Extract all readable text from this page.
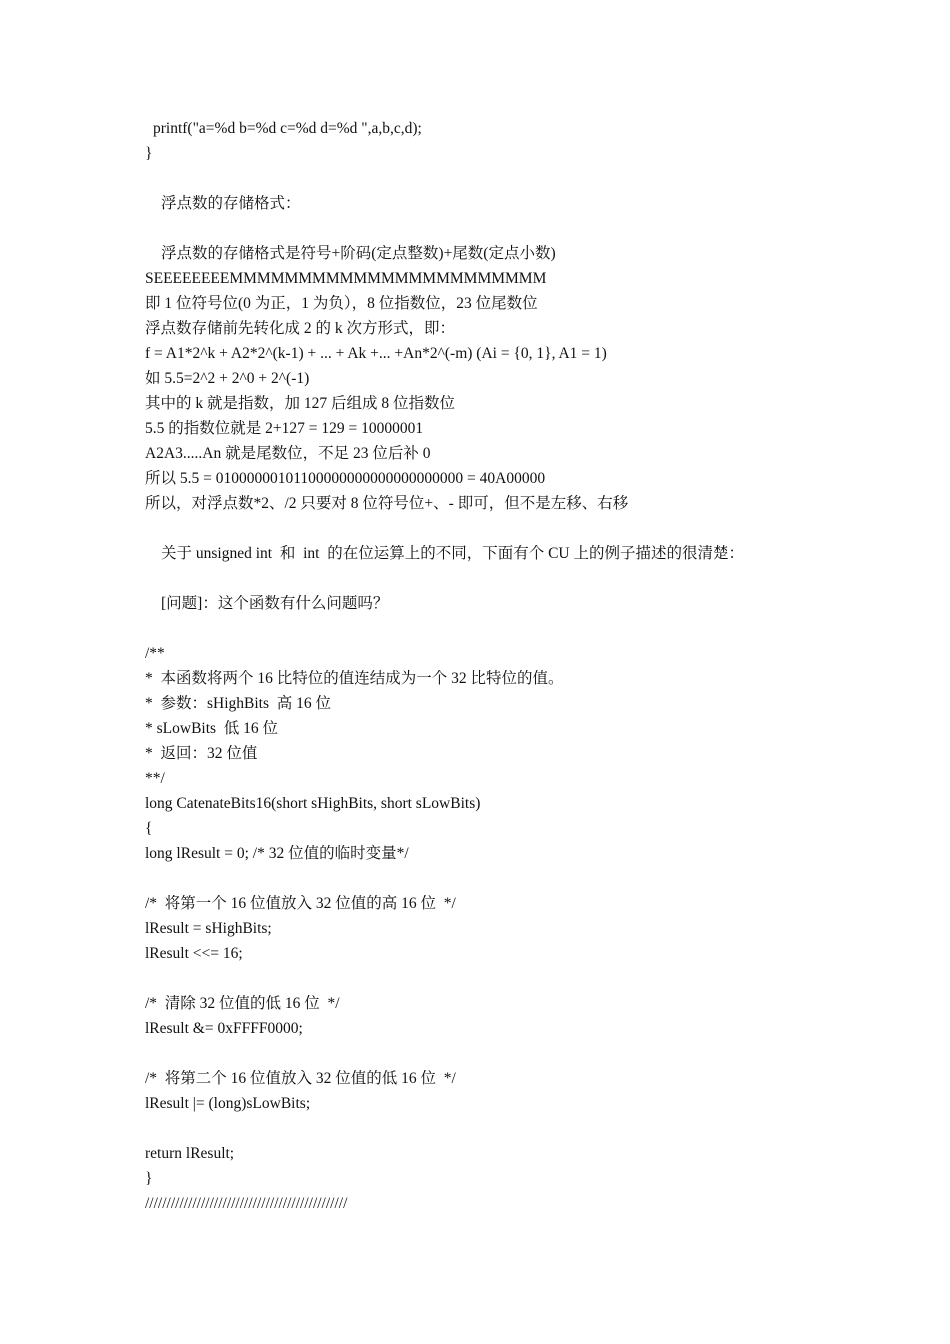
printf("a=%d b=%d c=%d d=%d ",a,b,c,d);
}
浮点数的存储格式：
浮点数的存储格式是符号+阶码(定点整数)+尾数(定点小数)
SEEEEEEEEMMMMMMMMMMMMMMMMMMMMMMM
即 1 位符号位(0 为正，1 为负），8 位指数位，23 位尾数位
浮点数存储前先转化成 2 的 k 次方形式，即：
f = A1*2^k + A2*2^(k-1) + ... + Ak +... +An*2^(-m) (Ai = {0, 1}, A1 = 1)
如 5.5=2^2 + 2^0 + 2^(-1)
其中的 k 就是指数，加 127 后组成 8 位指数位
5.5 的指数位就是 2+127 = 129 = 10000001
A2A3.....An 就是尾数位，不足 23 位后补 0
所以 5.5 = 01000000101100000000000000000000 = 40A00000
所以，对浮点数*2、/2 只要对 8 位符号位+、- 即可，但不是左移、右移
关于 unsigned int  和  int  的在位运算上的不同，下面有个 CU 上的例子描述的很清楚：
[问题]：这个函数有什么问题吗？
/**
*  本函数将两个 16 比特位的值连结成为一个 32 比特位的值。
*  参数：sHighBits  高 16 位
* sLowBits  低 16 位
*  返回：32 位值
**/
long CatenateBits16(short sHighBits, short sLowBits)
{
long lResult = 0; /* 32 位值的临时变量*/
/*  将第一个 16 位值放入 32 位值的高 16 位  */
lResult = sHighBits;
lResult <<= 16;
/*  清除 32 位值的低 16 位  */
lResult &= 0xFFFF0000;
/*  将第二个 16 位值放入 32 位值的低 16 位  */
lResult |= (long)sLowBits;
return lResult;
}
///////////////////////////////////////////////
